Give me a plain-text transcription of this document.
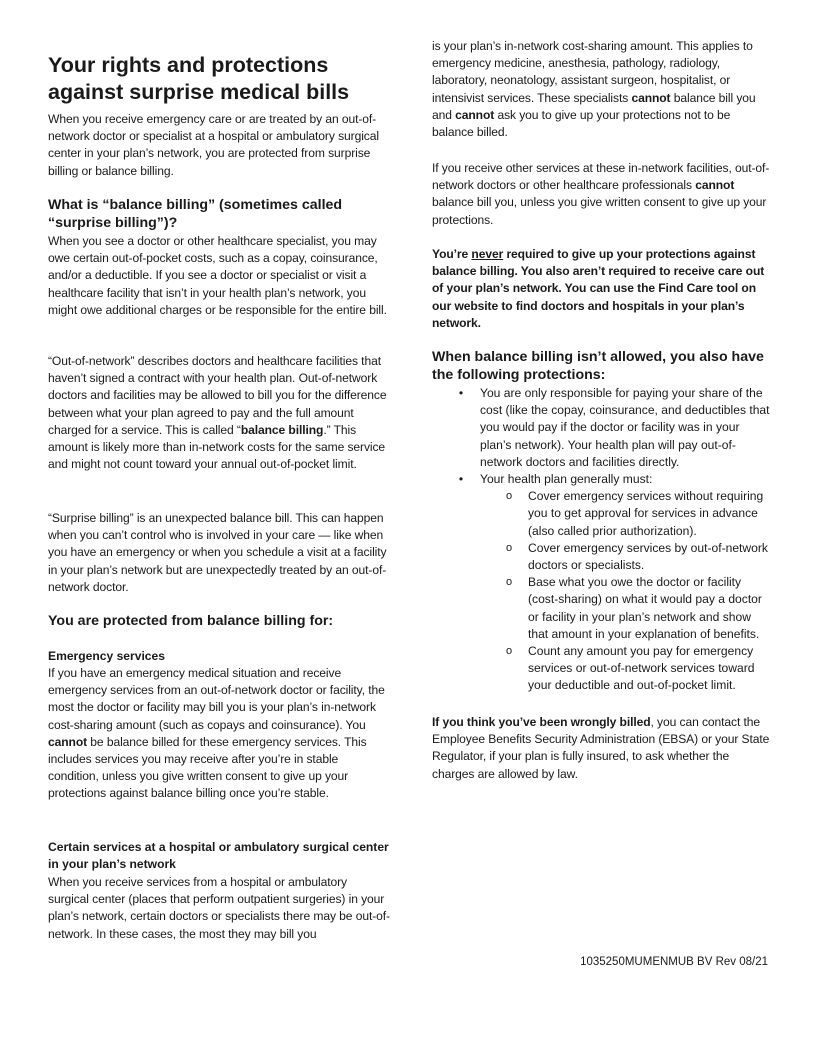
Your rights and protections against surprise medical bills

When you receive emergency care or are treated by an out-of-network doctor or specialist at a hospital or ambulatory surgical center in your plan’s network, you are protected from surprise billing or balance billing.

What is “balance billing” (sometimes called “surprise billing”)?

When you see a doctor or other healthcare specialist, you may owe certain out-of-pocket costs, such as a copay, coinsurance, and/or a deductible. If you see a doctor or specialist or visit a healthcare facility that isn’t in your health plan’s network, you might owe additional charges or be responsible for the entire bill.

“Out-of-network” describes doctors and healthcare facilities that haven’t signed a contract with your health plan. Out-of-network doctors and facilities may be allowed to bill you for the difference between what your plan agreed to pay and the full amount charged for a service. This is called “balance billing.” This amount is likely more than in-network costs for the same service and might not count toward your annual out-of-pocket limit.

“Surprise billing” is an unexpected balance bill. This can happen when you can’t control who is involved in your care — like when you have an emergency or when you schedule a visit at a facility in your plan’s network but are unexpectedly treated by an out-of-network doctor.

You are protected from balance billing for:
Emergency services

If you have an emergency medical situation and receive emergency services from an out-of-network doctor or facility, the most the doctor or facility may bill you is your plan’s in-network cost-sharing amount (such as copays and coinsurance). You cannot be balance billed for these emergency services. This includes services you may receive after you’re in stable condition, unless you give written consent to give up your protections against balance billing once you’re stable.

Certain services at a hospital or ambulatory surgical center in your plan’s network

When you receive services from a hospital or ambulatory surgical center (places that perform outpatient surgeries) in your plan’s network, certain doctors or specialists there may be out-of-network. In these cases, the most they may bill you

is your plan’s in-network cost-sharing amount. This applies to emergency medicine, anesthesia, pathology, radiology, laboratory, neonatology, assistant surgeon, hospitalist, or intensivist services. These specialists cannot balance bill you and cannot ask you to give up your protections not to be balance billed.

If you receive other services at these in-network facilities, out-of-network doctors or other healthcare professionals cannot balance bill you, unless you give written consent to give up your protections.

You’re never required to give up your protections against balance billing. You also aren’t required to receive care out of your plan’s network. You can use the Find Care tool on our website to find doctors and hospitals in your plan’s network.

When balance billing isn’t allowed, you also have the following protections:
• You are only responsible for paying your share of the cost (like the copay, coinsurance, and deductibles that you would pay if the doctor or facility was in your plan’s network). Your health plan will pay out-of-network doctors and facilities directly.
• Your health plan generally must:
o Cover emergency services without requiring you to get approval for services in advance (also called prior authorization).
o Cover emergency services by out-of-network doctors or specialists.
o Base what you owe the doctor or facility (cost-sharing) on what it would pay a doctor or facility in your plan’s network and show that amount in your explanation of benefits.
o Count any amount you pay for emergency services or out-of-network services toward your deductible and out-of-pocket limit.

If you think you’ve been wrongly billed, you can contact the Employee Benefits Security Administration (EBSA) or your State Regulator, if your plan is fully insured, to ask whether the charges are allowed by law.

1035250MUMENMUB BV Rev 08/21
